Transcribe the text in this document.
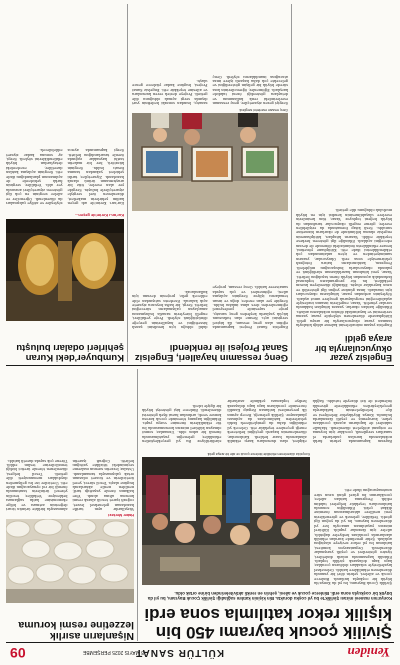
Yeniden
KÜLTÜR SANAT
8 MAYIS 2025 PERŞEMBE
09
Şivilik çocuk bayramı 450 bin kişilik rekor katılımla sona erdi
Konya'nın manevi mirası Şivlilik'te bu yıl coşku dorukta. Bin kişinin katılım sağladığı Şivlilik Çocuk Bayramı, bu yıl da büyük bir coşkuyla sona erdi. Binlerce çocuk ve ailesi, şehrin en renkli aktivitelerinden birine ortak oldu.
Konya'da düzenlenen etkinlikte binlerce çocuk ve aile bir araya geldi.
Şivlilik Çocuk Bayramı, bu yıl da Konya'da büyük bir coşkuyla kutlandı. Binlerce çocuk ve aileleri, şehrin dört bir yanında düzenlenen etkinliklere katıldı. Geleneksel kıyafetleriyle sokakları dolduran çocuklar, kapı kapı dolaşarak şivlilik topladı. Etkinlik kapsamında müzik dinletileri, tiyatro gösterileri ve çeşitli yarışmalar düzenlendi. Organizasyon komitesi, katılımın bu yıl rekor seviyeye ulaştığını açıkladı. Şehir genelinde kurulan etkinlik alanlarında çocuklara hediyeler dağıtıldı, aileler için ikramlar yapıldı. Kültürel mirasın yaşatılması amacıyla her yıl düzenlenen bayram, bu yıl da yoğun ilgi gördü. Yetkililer, gelenek ve göreneklerin yeni nesillere aktarılmasının önemine dikkat çekti. Etkinliğin sonunda katılımcılara teşekkür belgeleri takdim edildi. Programa katılan aileler, çocuklarının bu güzel günü uzun süre unutmayacağını ifade etti.
Bayram kapsamında şehrin farklı noktalarında kurulan çadırlarda el sanatları sergilendi, çocuklar için boyama ve origami atölyeleri düzenlendi. Mahalle sakinleri de kapılarını açarak çocuklara şeker, kuruyemiş ve çeşitli ikramlarda bulundu. Konya Büyükşehir Belediyesi ve ilçe belediyelerinin katkılarıyla gerçekleştirilen etkinliklerde güvenlik önlemleri de üst düzeyde tutuldu. Sağlık ekipleri, olası durumlara karşı etkinlik alanlarında hazır bekledi. Katılımcılar, düzenlemenin başarılı geçtiğini belirterek emeği geçenlere teşekkür etti. Gelecek yıl etkinliğin daha da genişletilerek farklı şehirlerden katılımcılara da açılması planlanıyor. Şivlilik geleneği, Recep ayının ilk perşembesi kutlanan Regaip Kandili öncesinde çocukların kapı kapı dolaşarak hediye toplaması şeklinde asırlardır sürdürülüyor. Bu yıl gerçekleştirilen etkinlikler, geleneğin yaşatılmasında önemli bir adım oldu. Uzmanlar, somut olmayan kültürel mirasın korunmasında bu tür etkinliklerin önemine vurgu yaptı. Etkinliğin kapanış töreninde çocuk korosu konser verdi, ardından havai fişek gösterisi düzenlendi. Binlerce kişi gösteriyi büyük bir ilgiyle izledi.
Nişanların asırlık lezzetine resmi koruma
Haber Merkezi
Yüzyıllardır aynı tarifle hazırlanan geleneksel lezzet, coğrafi işaret tescili alarak resmi koruma altına alındı. Yöre halkının özenle yaşattığı tarif, nesilden nesile aktarılarak bugüne ulaştı. Tescil süreci, yerel üreticilerin ve ticaret odasının ortak çalışmasıyla tamamlandı. Ustalar, lezzetin sırrının malzeme seçimindeki titizlikte yattığını belirtti. Coğrafi işaretin alınmasıyla birlikte ürünün ticari değerinin artması ve bölge ekonomisine katkı sağlaması bekleniyor. Yetkililer, tescilin yöresel ürünlerin tanıtımında önemli bir rol oynayacağını ifade etti. Üreticiler ise bu gelişmeden duydukları memnuniyeti dile getirdi. Tescil belgesi, düzenlenen törenle üretici birliği temsilcilerine teslim edildi. Törene çok sayıda davetli katıldı.
Engelsiz yazar okuyucularıyla bir araya geldi
Engelsiz yaşam mücadelesini kaleme aldığı kitabıyla tanınan yazar, okuyucularıyla bir araya geldi. Kütüphanede düzenlenen söyleşide yazar, yazma serüvenini ve hayatındaki dönüm noktalarını anlattı. Etkinliğe katılan okurlar, yazara kitapları hakkında sorular yöneltti. Yazar, engellerin insanın iradesiyle aşılabileceğini vurgulayarak gençlere umut aşıladı. Söyleşinin ardından yazar, kitaplarını okuyucuları için imzaladı. İmza gününe yoğun ilgi gösterildi ve uzun kuyruklar oluştu. Etkinliği düzenleyen kurum yetkilileri, bu tür programların toplumsal farkındalık açısından büyük önem taşıdığını belirtti. Yazar, yeni kitabının hazırlıklarının sürdüğünü ve yakında okuyucularla buluşacağını müjdeledi. Program, katılımcıların hatıra fotoğrafı çektirmesiyle sona erdi. Okuyucular, yazarın samimiyetinden ve içten anlatımından çok etkilendiklerini ifade etti. Kütüphane yönetimi, benzer etkinliklerin önümüzdeki dönemde de devam edeceğini açıkladı. Etkinliğe ilgi gösteren herkese teşekkür edildi. Yazarın kitapları, kütüphanenin engelsiz okuma bölümünde de okurların hizmetine sunuldu. Sesli kitap formatında da erişilebilen eserler, görme engelli okuyucular tarafından da büyük beğeni topluyor. Yazar, tüm kesimlerin eserlere ulaşabilmesinin kendisi için en büyük mutluluk olduğunu dile getirdi.
Genç ressamın hayalleri, Engelsiz Sanat Projesi ile renklendi
Engelsiz Sanat Projesi kapsamında eğitim alan genç ressam, ilk kişisel sergisini açtı. Resme olan tutkusunu küçük yaşlarda keşfeden genç sanatçı, proje sayesinde profesyonel eğitmenlerden ders alma imkânı buldu. Sergide yer alan eserler, doğa ve insan temalarını işliyor. Serginin açılışına ailesi, eğitmenleri ve çok sayıda sanatsever katıldı. Genç ressam, projeye dahil olduğu için kendisini şanslı hissettiğini ve hayallerinin gerçeğe dönüştüğünü söyledi. Proje yetkilileri, engelli bireylerin sanatla buluşmasını amaçlayan çalışmaların süreceğini belirtti. Sergi, bir hafta boyunca ziyarete açık kalacak. Eserlerin satışından elde edilecek gelir, projenin devamı için kullanılacak.
Genç ressam eserlerini sergiledi.
Sergiyi gezen ziyaretçiler, genç ressamın eserlerindeki renk kullanımını ve detaylara gösterdiği özeni takdirle karşıladı. Eğitmenler, öğrencilerinin kısa sürede büyük bir gelişim gösterdiğini ve gelecekte çok daha başarılı işlere imza atacağına inandıklarını söyledi. Genç sanatçı, bundan sonraki hedefinin yurt dışında sergi açmak olduğunu dile getirdi. Projeye destek veren kurumlara ve ailesine teşekkür etti. Engelsiz Sanat Projesi, bugüne kadar yüzlerce gence ulaştı.
Kumbuyer'deki Kuran şehirleri odaları buluştu
Kur'an-ı Kerim'de geçen...
Kur'an-ı Kerim'de adı geçen kadim şehirlerin maketleri, düzenlenen özel sergiyle ziyaretçilerle buluştu. Sergide yer alan eserler, titiz bir araştırmanın ürünü olarak hazırlandı. Ziyaretçiler, tarihi şehirleri yakından tanıma fırsatı buldu. Serginin küratörü, her bir maketin tarihi kaynaklar ışığında özenle tasarlandığını belirtti. Sergi kapsamında ayrıca söyleşiler ve atölye çalışmaları da düzenlendi. Öğrenciler ve aileler serginin en çok ilgi gösteren ziyaretçileri arasında yer aldı. Yetkililer, serginin farklı şehirlerde de açılmasının planlandığını ifade etti. Serginin açılışına katılan davetliler, eserlerdeki detaylardan büyük etkilendiklerini söyledi. Sergi, ay sonuna kadar ziyaret edilebilecek.
